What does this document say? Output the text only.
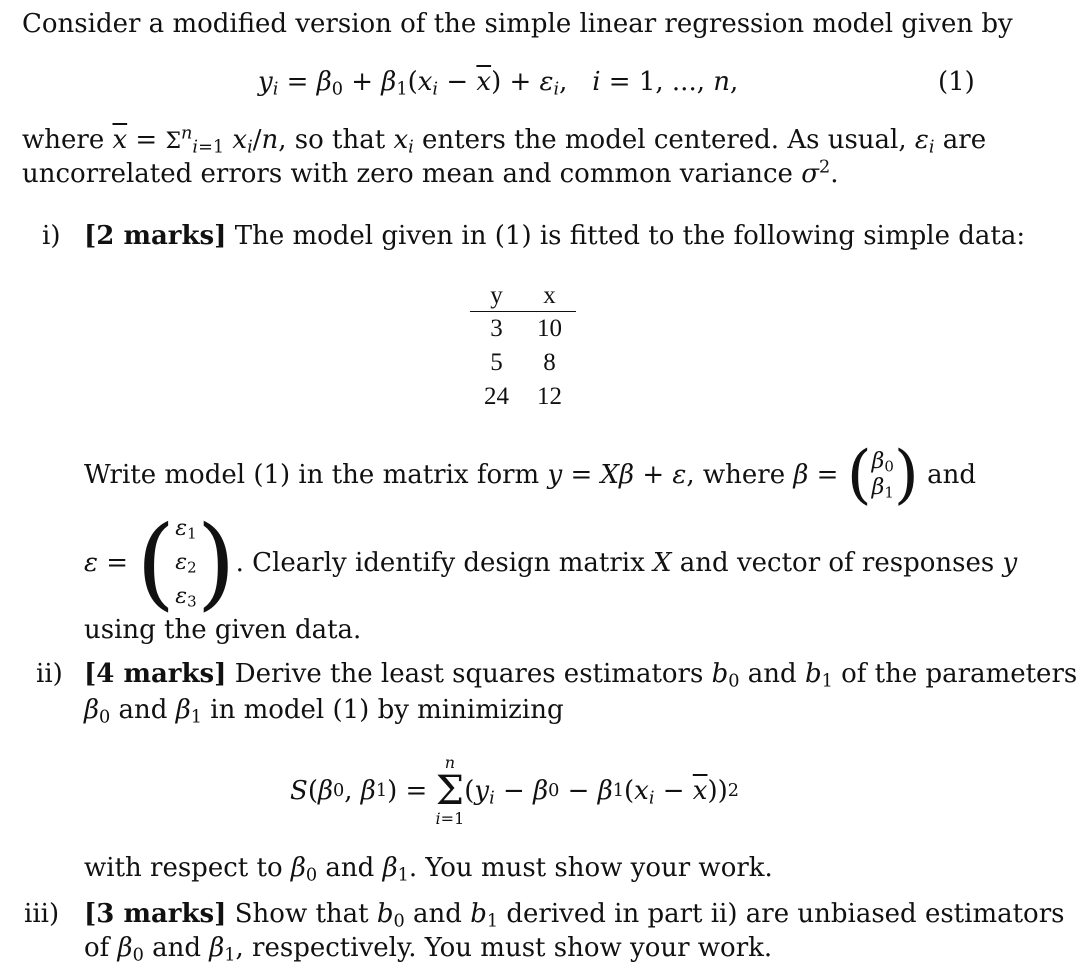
Consider a modified version of the simple linear regression model given by
$y_i = \beta_0 + \beta_1(x_i - \overline{x}) + \varepsilon_i$,   i = 1, ..., n,	(1)
where $\overline{x} = \Sigma^n_{i=1}$ $x_i/n$, so that $x_i$ enters the model centered. As usual, $\varepsilon_i$ are
uncorrelated errors with zero mean and common variance $\sigma^2$.
i) [2 marks] The model given in (1) is fitted to the following simple data:
y	x
3	10
5	8
24	12
Write model (1) in the matrix form
y = Xβ + ε , where
β = ( $\beta_0$
$\beta_1$ )
and
ε = ( $\varepsilon_1$
$\varepsilon_2$
$\varepsilon_3$ ) . Clearly identify design matrix
X
and vector of responses
y
using the given data.
ii) [4 marks] Derive the least squares estimators $b_0$ and $b_1$ of the parameters
$\beta_0$ and $\beta_1$ in model (1) by minimizing
S ( β 0 , β 1 ) =
n
Σ
i=1
( $y_i - \beta$ 0 − β 1 ( $x_i - \overline{x}$ )) 2
with respect to $\beta_0$ and $\beta_1$. You must show your work.
iii) [3 marks] Show that $b_0$ and $b_1$ derived in part ii) are unbiased estimators
of $\beta_0$ and $\beta_1$, respectively. You must show your work.
